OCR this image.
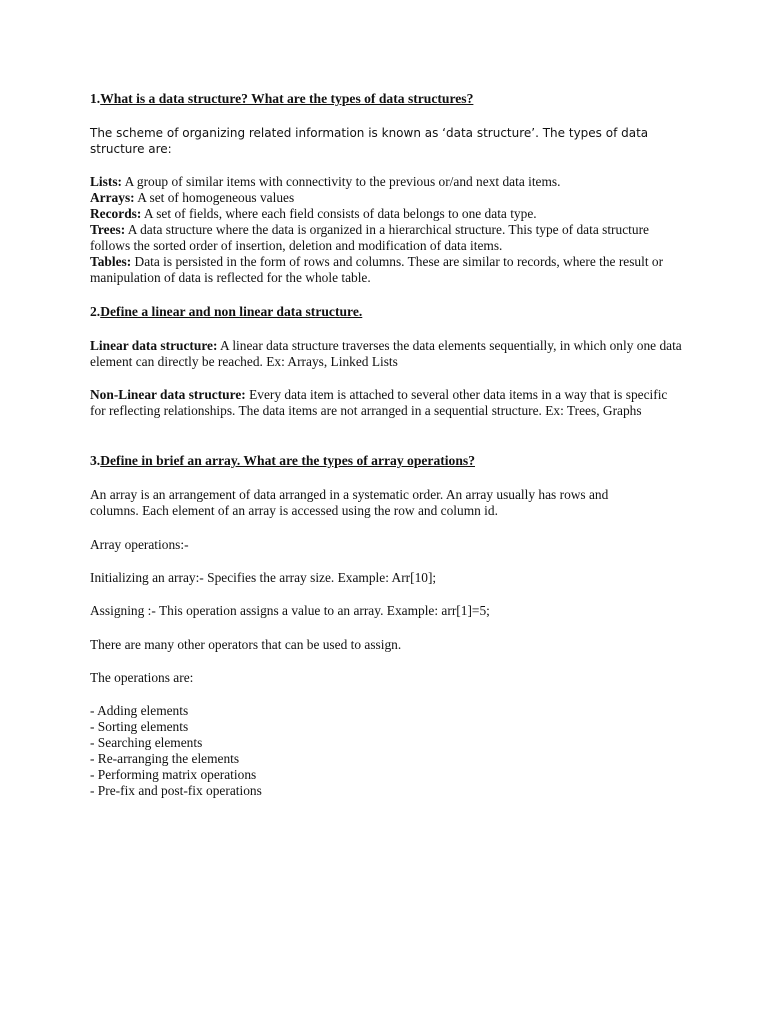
1.What is a data structure? What are the types of data structures?

The scheme of organizing related information is known as ‘data structure’. The types of data structure are:

Lists: A group of similar items with connectivity to the previous or/and next data items.
Arrays: A set of homogeneous values
Records: A set of fields, where each field consists of data belongs to one data type.
Trees: A data structure where the data is organized in a hierarchical structure. This type of data structure follows the sorted order of insertion, deletion and modification of data items.
Tables: Data is persisted in the form of rows and columns. These are similar to records, where the result or manipulation of data is reflected for the whole table.
2.Define a linear and non linear data structure.

Linear data structure: A linear data structure traverses the data elements sequentially, in which only one data element can directly be reached. Ex: Arrays, Linked Lists

Non-Linear data structure: Every data item is attached to several other data items in a way that is specific for reflecting relationships. The data items are not arranged in a sequential structure. Ex: Trees, Graphs

3.Define in brief an array. What are the types of array operations?

An array is an arrangement of data arranged in a systematic order. An array usually has rows and columns. Each element of an array is accessed using the row and column id.

Array operations:-

Initializing an array:- Specifies the array size. Example: Arr[10];

Assigning :- This operation assigns a value to an array. Example: arr[1]=5;

There are many other operators that can be used to assign.

The operations are:

- Adding elements
- Sorting elements
- Searching elements
- Re-arranging the elements
- Performing matrix operations
- Pre-fix and post-fix operations
